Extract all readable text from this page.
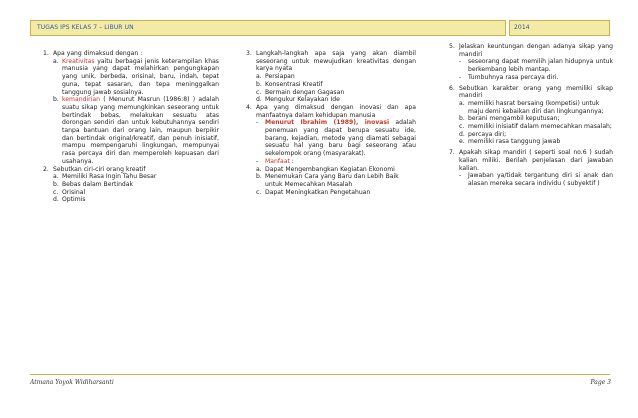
TUGAS IPS KELAS 7 – LIBUR UN	2014
1. Apa yang dimaksud dengan :
a. Kreativitas yaitu berbagai jenis keterampilan khas manusia yang dapat melahirkan pengungkapan yang unik, berbeda, orisinal, baru, indah, tepat guna, tepat sasaran, dan tepa meninggalkan tanggung jawab sosialnya.
b. kemandirian ( Menurut Masrun (1986:8) ) adalah suatu sikap yang memungkinkan seseorang untuk bertindak bebas, melakukan sesuatu atas dorongan sendiri dan untuk kebutuhannya sendiri tanpa bantuan dari orang lain, maupun berpikir dan bertindak original/kreatif, dan penuh inisiatif, mampu mempengaruhi lingkungan, mempunyai rasa percaya diri dan memperoleh kepuasan dari usahanya.
2. Sebutkan ciri-ciri orang kreatif
a. Memiliki Rasa Ingin Tahu Besar
b. Bebas dalam Bertindak
c. Orisinal
d. Optimis
3. Langkah-langkah apa saja yang akan diambil seseorang untuk mewujudkan kreativitas dengan karya nyata
a. Persiapan
b. Konsentrasi Kreatif
c. Bermain dengan Gagasan
d. Mengukur Kelayakan Ide
4. Apa yang dimaksud dengan inovasi dan apa manfaatnya dalam kehidupan manusia
-	Menurut Ibrahim (1989), inovasi adalah penemuan yang dapat berupa sesuatu ide, barang, kejadian, metode yang diamati sebagai sesuatu hal yang baru bagi seseorang atau sekelompok orang (masyarakat).
-	Manfaat :
a. Dapat Mengembangkan Kegiatan Ekonomi
b. Menemukan Cara yang Baru dan Lebih Baik untuk Memecahkan Masalah
c. Dapat Meningkatkan Pengetahuan
5. Jelaskan keuntungan dengan adanya sikap yang mandiri
-	seseorang dapat memilih jalan hidupnya untuk berkembang lebih mantap.
-	Tumbuhnya rasa percaya diri.
6. Sebutkan karakter orang yang memiliki sikap mandiri
a. memiliki hasrat bersaing (kompetisi) untuk maju demi kebaikan diri dan lingkungannya;
b. berani mengambil keputusan;
c. memiliki inisiatif dalam memecahkan masalah;
d. percaya diri;
e. memiliki rasa tanggung jawab
7. Apakah sikap mandiri ( seperti soal no.6 ) sudah kalian miliki. Berilah penjelasan dari jawaban kalian.
-	Jawaban ya/tidak tergantung diri si anak dan alasan mereka secara individu ( subyektif )
Atmana Yoyok Widiharsanti	Page 3
